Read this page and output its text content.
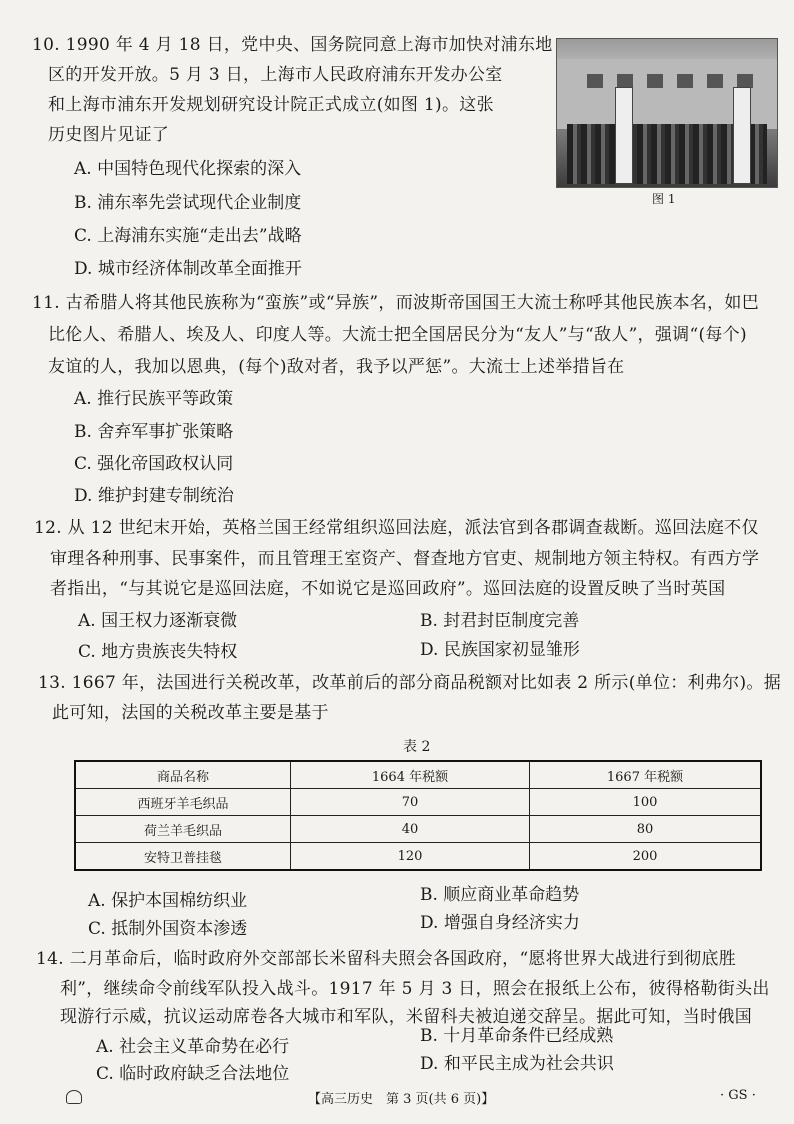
10. 1990 年 4 月 18 日，党中央、国务院同意上海市加快对浦东地
区的开发开放。5 月 3 日，上海市人民政府浦东开发办公室
和上海市浦东开发规划研究设计院正式成立(如图 1)。这张
历史图片见证了
A. 中国特色现代化探索的深入
B. 浦东率先尝试现代企业制度
C. 上海浦东实施“走出去”战略
D. 城市经济体制改革全面推开
图 1
11. 古希腊人将其他民族称为“蛮族”或“异族”，而波斯帝国国王大流士称呼其他民族本名，如巴
比伦人、希腊人、埃及人、印度人等。大流士把全国居民分为“友人”与“敌人”，强调“(每个)
友谊的人，我加以恩典，(每个)敌对者，我予以严惩”。大流士上述举措旨在
A. 推行民族平等政策
B. 舍弃军事扩张策略
C. 强化帝国政权认同
D. 维护封建专制统治
12. 从 12 世纪末开始，英格兰国王经常组织巡回法庭，派法官到各郡调查裁断。巡回法庭不仅
审理各种刑事、民事案件，而且管理王室资产、督查地方官吏、规制地方领主特权。有西方学
者指出，“与其说它是巡回法庭，不如说它是巡回政府”。巡回法庭的设置反映了当时英国
A. 国王权力逐渐衰微	B. 封君封臣制度完善
C. 地方贵族丧失特权	D. 民族国家初显雏形
13. 1667 年，法国进行关税改革，改革前后的部分商品税额对比如表 2 所示(单位：利弗尔)。据
此可知，法国的关税改革主要是基于
表 2
商品名称	1664 年税额	1667 年税额
西班牙羊毛织品	70	100
荷兰羊毛织品	40	80
安特卫普挂毯	120	200
A. 保护本国棉纺织业	B. 顺应商业革命趋势
C. 抵制外国资本渗透	D. 增强自身经济实力
14. 二月革命后，临时政府外交部部长米留科夫照会各国政府，“愿将世界大战进行到彻底胜
利”，继续命令前线军队投入战斗。1917 年 5 月 3 日，照会在报纸上公布，彼得格勒街头出
现游行示威，抗议运动席卷各大城市和军队，米留科夫被迫递交辞呈。据此可知，当时俄国
A. 社会主义革命势在必行
B. 十月革命条件已经成熟
C. 临时政府缺乏合法地位	D. 和平民主成为社会共识
【高三历史　第 3 页(共 6 页)】	· GS ·
